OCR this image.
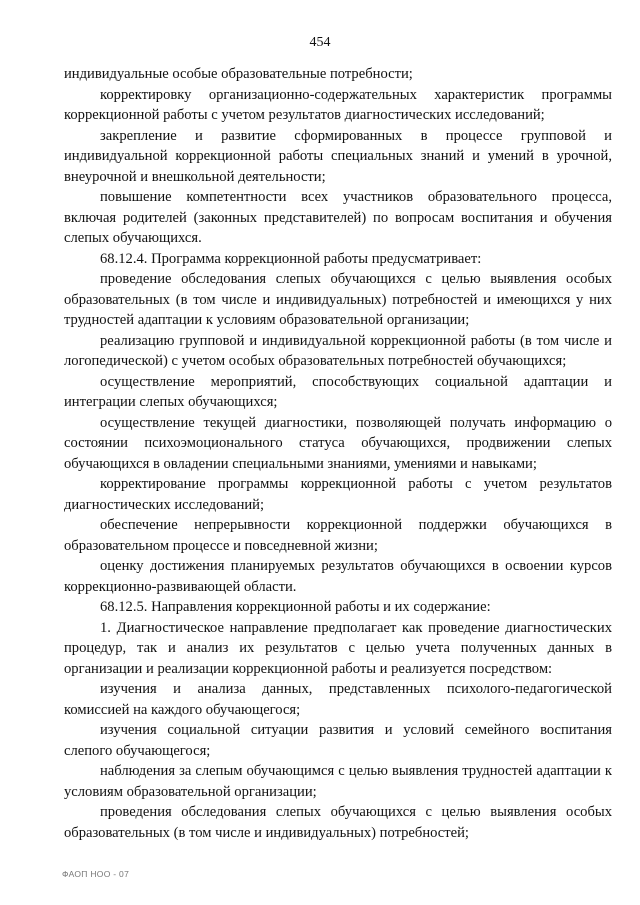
454

индивидуальные особые образовательные потребности;

корректировку организационно-содержательных характеристик программы коррекционной работы с учетом результатов диагностических исследований;

закрепление и развитие сформированных в процессе групповой и индивидуальной коррекционной работы специальных знаний и умений в урочной, внеурочной и внешкольной деятельности;

повышение компетентности всех участников образовательного процесса, включая родителей (законных представителей) по вопросам воспитания и обучения слепых обучающихся.

68.12.4. Программа коррекционной работы предусматривает:

проведение обследования слепых обучающихся с целью выявления особых образовательных (в том числе и индивидуальных) потребностей и имеющихся у них трудностей адаптации к условиям образовательной организации;

реализацию групповой и индивидуальной коррекционной работы (в том числе и логопедической) с учетом особых образовательных потребностей обучающихся;

осуществление мероприятий, способствующих социальной адаптации и интеграции слепых обучающихся;

осуществление текущей диагностики, позволяющей получать информацию о состоянии психоэмоционального статуса обучающихся, продвижении слепых обучающихся в овладении специальными знаниями, умениями и навыками;

корректирование программы коррекционной работы с учетом результатов диагностических исследований;

обеспечение непрерывности коррекционной поддержки обучающихся в образовательном процессе и повседневной жизни;

оценку достижения планируемых результатов обучающихся в освоении курсов коррекционно-развивающей области.

68.12.5. Направления коррекционной работы и их содержание:

1. Диагностическое направление предполагает как проведение диагностических процедур, так и анализ их результатов с целью учета полученных данных в организации и реализации коррекционной работы и реализуется посредством:

изучения и анализа данных, представленных психолого-педагогической комиссией на каждого обучающегося;

изучения социальной ситуации развития и условий семейного воспитания слепого обучающегося;

наблюдения за слепым обучающимся с целью выявления трудностей адаптации к условиям образовательной организации;

проведения обследования слепых обучающихся с целью выявления особых образовательных (в том числе и индивидуальных) потребностей;

ФАОП НОО - 07
